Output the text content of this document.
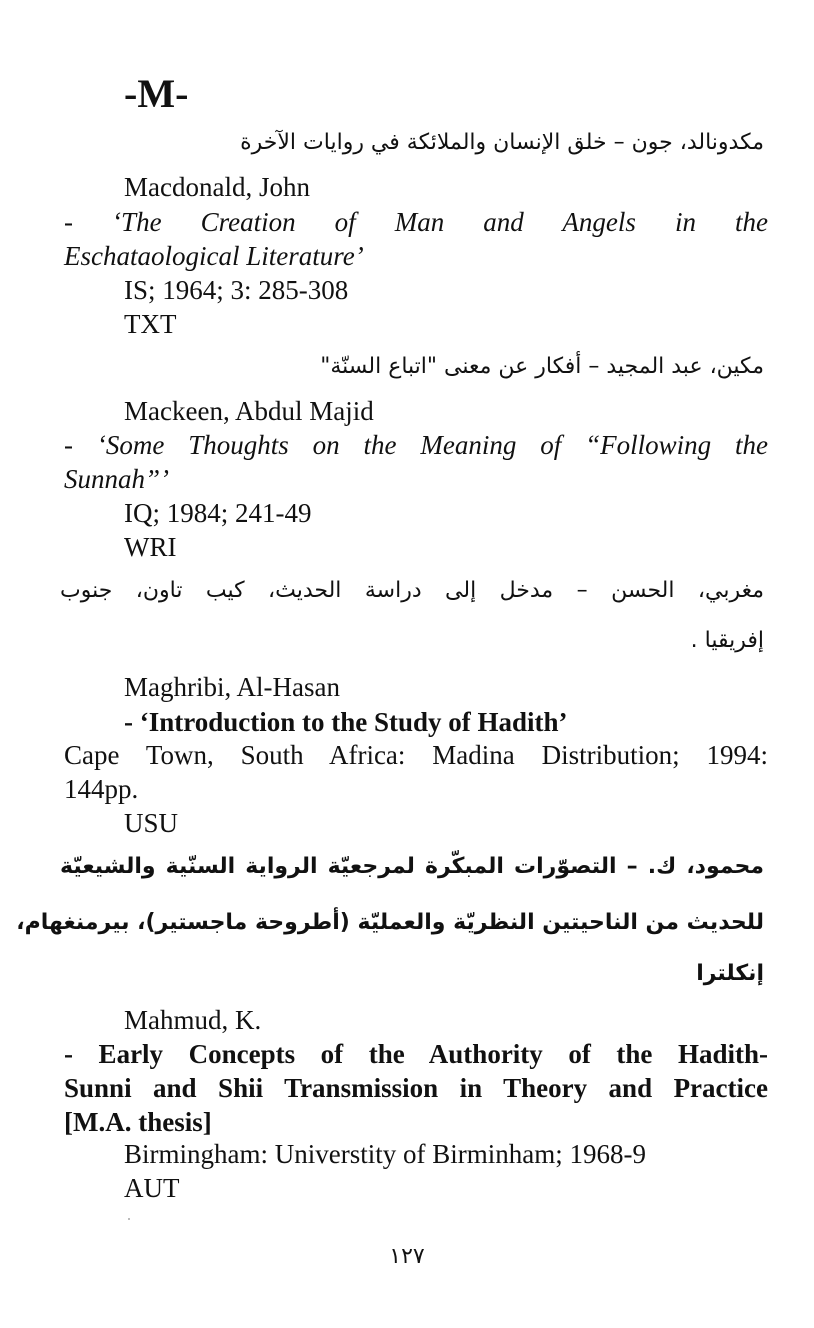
-M-
مكدونالد، جون – خلق الإنسان والملائكة في روايات الآخرة
Macdonald, John
- ‘The Creation of Man and Angels in the
Eschataological Literature’
IS; 1964; 3: 285-308
TXT
مكين، عبد المجيد – أفكار عن معنى "اتباع السنّة"
Mackeen, Abdul Majid
- ‘Some Thoughts on the Meaning of “Following the
Sunnah”’
IQ; 1984; 241-49
WRI
مغربي، الحسن – مدخل إلى دراسة الحديث، كيب تاون، جنوب
إفريقيا .
Maghribi, Al-Hasan
- ‘Introduction to the Study of Hadith’
Cape Town, South Africa: Madina Distribution; 1994:
144pp.
USU
محمود، ك. – التصوّرات المبكّرة لمرجعيّة الرواية السنّية والشيعيّة
للحديث من الناحيتين النظريّة والعمليّة (أطروحة ماجستير)، بيرمنغهام،
إنكلترا
Mahmud, K.
- Early Concepts of the Authority of the Hadith-
Sunni and Shii Transmission in Theory and Practice
[M.A. thesis]
Birmingham: Universtity of Birminham; 1968-9
AUT
١٢٧
